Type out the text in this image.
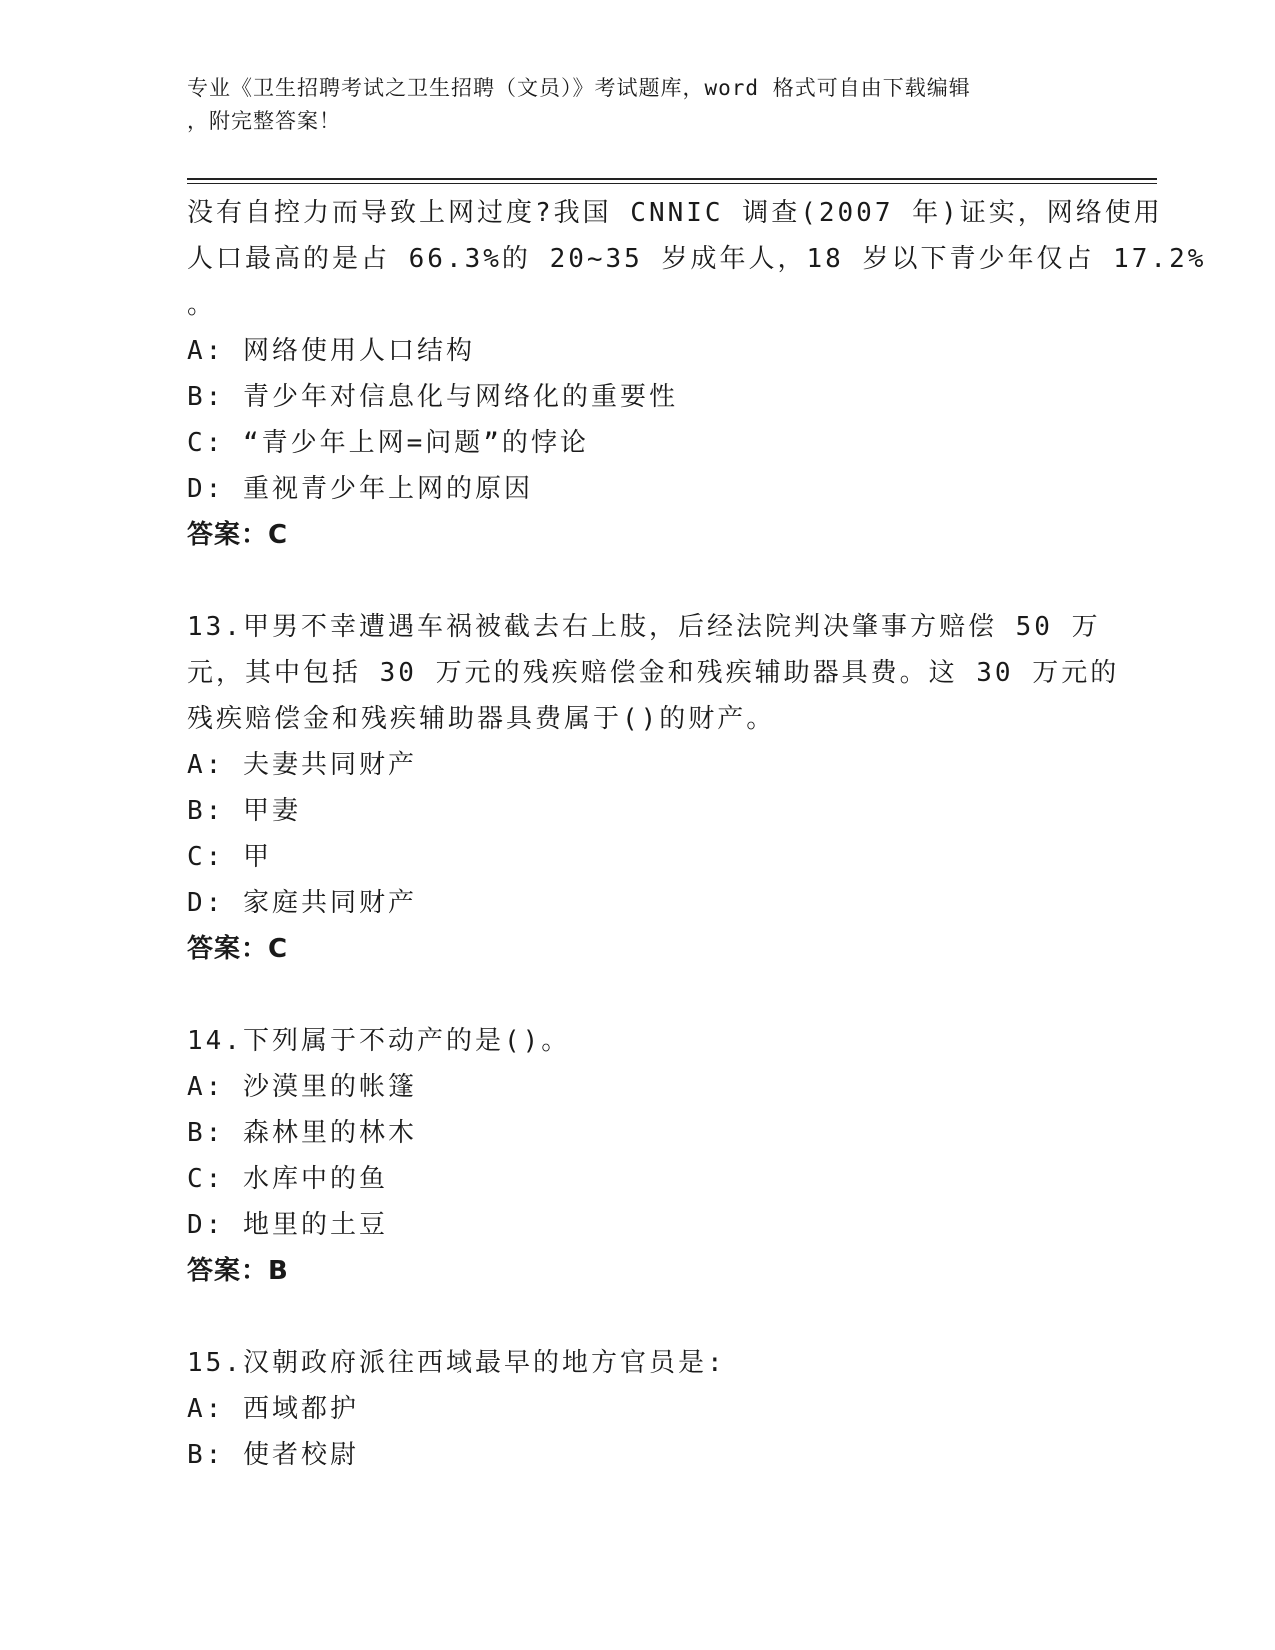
专业《卫生招聘考试之卫生招聘（文员）》考试题库，word 格式可自由下载编辑
，附完整答案！
没有自控力而导致上网过度?我国 CNNIC 调查(2007 年)证实，网络使用
人口最高的是占 66.3%的 20~35 岁成年人，18 岁以下青少年仅占 17.2%
。
A: 网络使用人口结构
B: 青少年对信息化与网络化的重要性
C: “青少年上网=问题”的悖论
D: 重视青少年上网的原因
答案：C
13.甲男不幸遭遇车祸被截去右上肢，后经法院判决肇事方赔偿 50 万
元，其中包括 30 万元的残疾赔偿金和残疾辅助器具费。这 30 万元的
残疾赔偿金和残疾辅助器具费属于()的财产。
A: 夫妻共同财产
B: 甲妻
C: 甲
D: 家庭共同财产
答案：C
14.下列属于不动产的是()。
A: 沙漠里的帐篷
B: 森林里的林木
C: 水库中的鱼
D: 地里的土豆
答案：B
15.汉朝政府派往西域最早的地方官员是:
A: 西域都护
B: 使者校尉
